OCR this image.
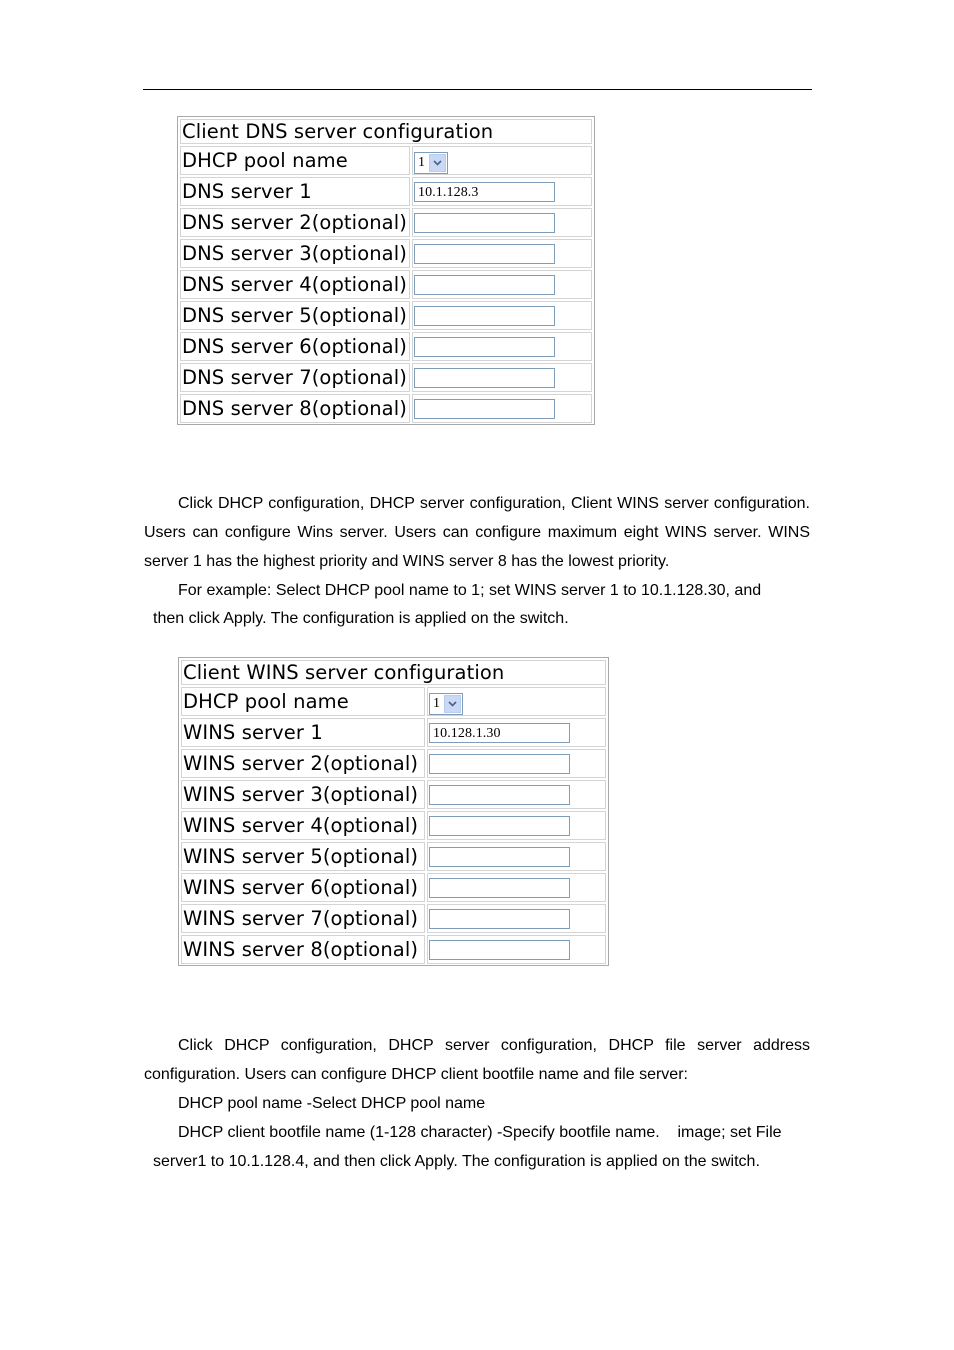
Client DNS server configuration	
DHCP pool name	1

DNS server 1	10.1.128.3

DNS server 2(optional)	

DNS server 3(optional)	

DNS server 4(optional)	

DNS server 5(optional)	

DNS server 6(optional)	

DNS server 7(optional)	

DNS server 8(optional)	

Click DHCP configuration, DHCP server configuration, Client WINS server configuration. Users can configure Wins server. Users can configure maximum eight WINS server. WINS server 1 has the highest priority and WINS server 8 has the lowest priority.

For example: Select DHCP pool name to 1; set WINS server 1 to 10.1.128.30, and

then click Apply. The configuration is applied on the switch.

Client WINS server configuration	
DHCP pool name	1

WINS server 1	10.128.1.30

WINS server 2(optional)	

WINS server 3(optional)	

WINS server 4(optional)	

WINS server 5(optional)	

WINS server 6(optional)	

WINS server 7(optional)	

WINS server 8(optional)	

Click DHCP configuration, DHCP server configuration, DHCP file server address configuration. Users can configure DHCP client bootfile name and file server:

DHCP pool name -Select DHCP pool name

DHCP client bootfile name (1-128 character) -Specify bootfile name.    image; set File

server1 to 10.1.128.4, and then click Apply. The configuration is applied on the switch.
